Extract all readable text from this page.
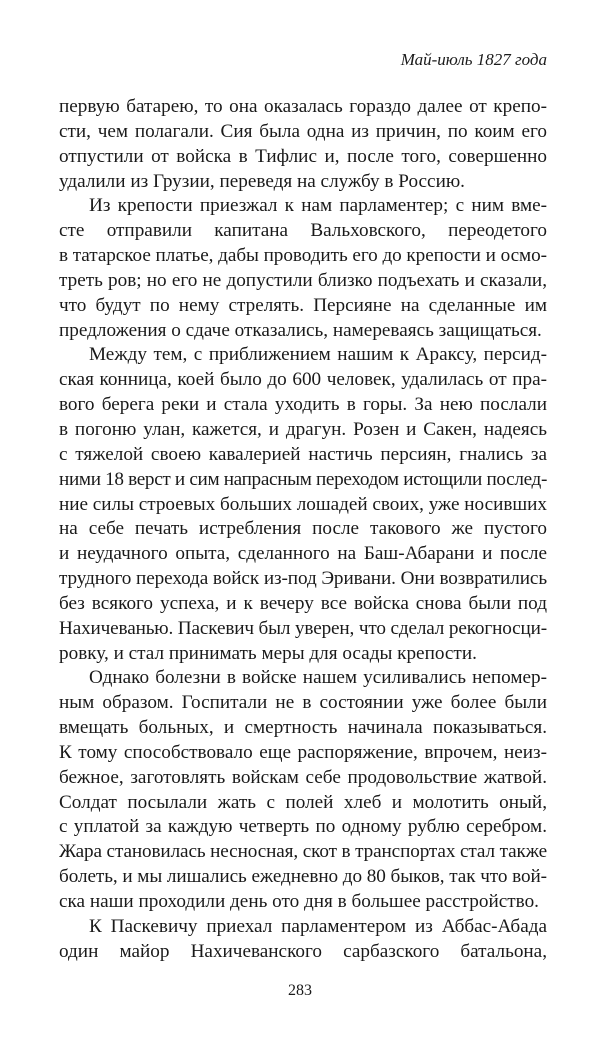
Май-июль 1827 года
первую батарею, то она оказалась гораздо далее от крепо-
сти, чем полагали. Сия была одна из причин, по коим его
отпустили от войска в Тифлис и, после того, совершенно
удалили из Грузии, переведя на службу в Россию.
Из крепости приезжал к нам парламентер; с ним вме-
сте отправили капитана Вальховского, переодетого
в татарское платье, дабы проводить его до крепости и осмо-
треть ров; но его не допустили близко подъехать и сказали,
что будут по нему стрелять. Персияне на сделанные им
предложения о сдаче отказались, намереваясь защищаться.
Между тем, с приближением нашим к Араксу, персид-
ская конница, коей было до 600 человек, удалилась от пра-
вого берега реки и стала уходить в горы. За нею послали
в погоню улан, кажется, и драгун. Розен и Сакен, надеясь
с тяжелой своею кавалерией настичь персиян, гнались за
ними 18 верст и сим напрасным переходом истощили послед-
ние силы строевых больших лошадей своих, уже носивших
на себе печать истребления после такового же пустого
и неудачного опыта, сделанного на Баш-Абарани и после
трудного перехода войск из-под Эривани. Они возвратились
без всякого успеха, и к вечеру все войска снова были под
Нахичеванью. Паскевич был уверен, что сделал рекогносци-
ровку, и стал принимать меры для осады крепости.
Однако болезни в войске нашем усиливались непомер-
ным образом. Госпитали не в состоянии уже более были
вмещать больных, и смертность начинала показываться.
К тому способствовало еще распоряжение, впрочем, неиз-
бежное, заготовлять войскам себе продовольствие жатвой.
Солдат посылали жать с полей хлеб и молотить оный,
с уплатой за каждую четверть по одному рублю серебром.
Жара становилась несносная, скот в транспортах стал также
болеть, и мы лишались ежедневно до 80 быков, так что вой-
ска наши проходили день ото дня в большее расстройство.
К Паскевичу приехал парламентером из Аббас-Абада
один майор Нахичеванского сарбазского батальона,
283
